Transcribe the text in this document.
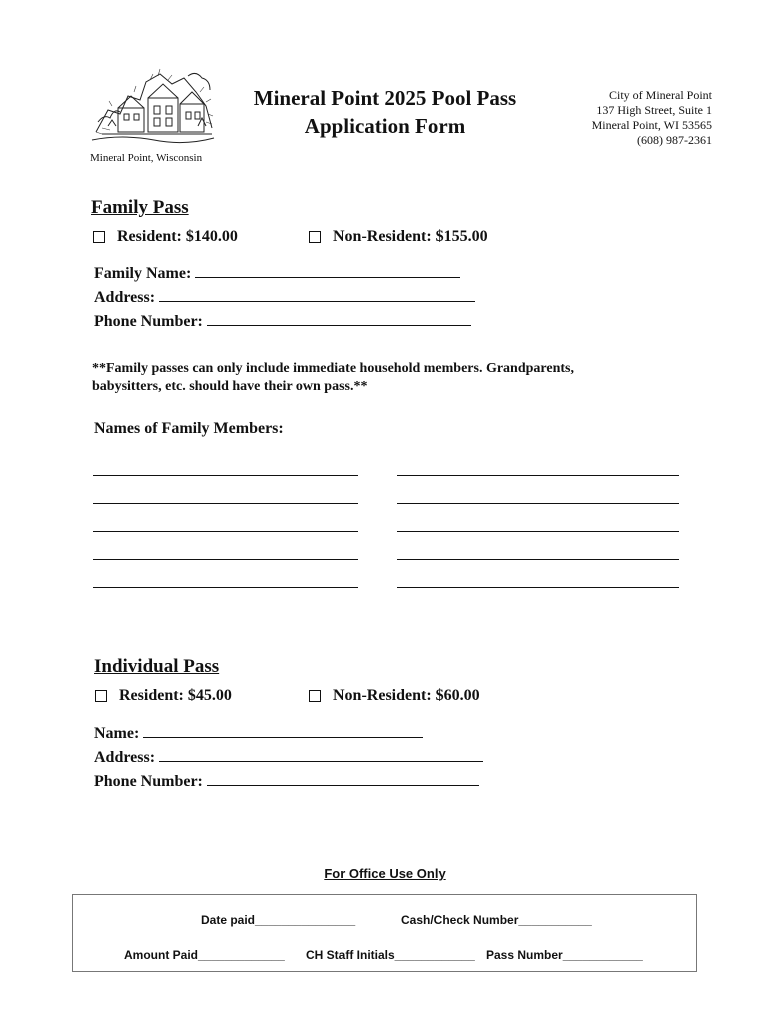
Mineral Point, Wisconsin
Mineral Point 2025 Pool Pass
Application Form
City of Mineral Point
137 High Street, Suite 1
Mineral Point, WI 53565
(608) 987-2361
Family Pass
Resident: $140.00	Non-Resident: $155.00
Family Name:
Address:
Phone Number:
**Family passes can only include immediate household members. Grandparents,
babysitters, etc. should have their own pass.**
Names of Family Members:
Individual Pass
Resident: $45.00	Non-Resident: $60.00
Name:
Address:
Phone Number:
For Office Use Only
Date paid_______________	Cash/Check Number___________
Amount Paid_____________ CH Staff Initials____________ Pass Number____________
